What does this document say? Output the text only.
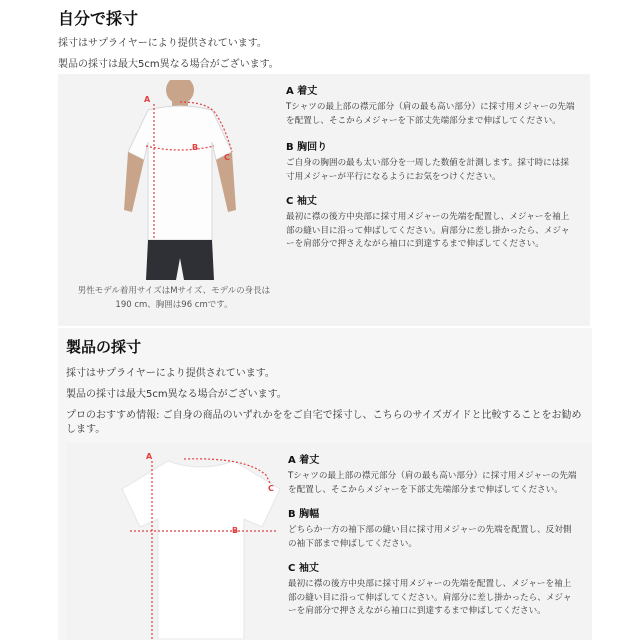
自分で採寸
採寸はサプライヤーにより提供されています。
製品の採寸は最大5cm異なる場合がございます。
A
B
C
男性モデル着用サイズはMサイズ、モデルの身長は
190 cm、胸囲は96 cmです。
A 着丈
Tシャツの最上部の襟元部分（肩の最も高い部分）に採寸用メジャーの先端を配置し、そこからメジャーを下部丈先端部分まで伸ばしてください。
B 胸回り
ご自身の胸囲の最も太い部分を一周した数値を計測します。採寸時には採寸用メジャーが平行になるようにお気をつけください。
C 袖丈
最初に襟の後方中央部に採寸用メジャーの先端を配置し、メジャーを袖上部の縫い目に沿って伸ばしてください。肩部分に差し掛かったら、メジャーを肩部分で押さえながら袖口に到達するまで伸ばしてください。
製品の採寸
採寸はサプライヤーにより提供されています。
製品の採寸は最大5cm異なる場合がございます。
プロのおすすめ情報: ご自身の商品のいずれかををご自宅で採寸し、こちらのサイズガイドと比較することをお勧めします。
A
B
C
A 着丈
Tシャツの最上部の襟元部分（肩の最も高い部分）に採寸用メジャーの先端を配置し、そこからメジャーを下部丈先端部分まで伸ばしてください。
B 胸幅
どちらか一方の袖下部の縫い目に採寸用メジャーの先端を配置し、反対側の袖下部まで伸ばしてください。
C 袖丈
最初に襟の後方中央部に採寸用メジャーの先端を配置し、メジャーを袖上部の縫い目に沿って伸ばしてください。肩部分に差し掛かったら、メジャーを肩部分で押さえながら袖口に到達するまで伸ばしてください。
